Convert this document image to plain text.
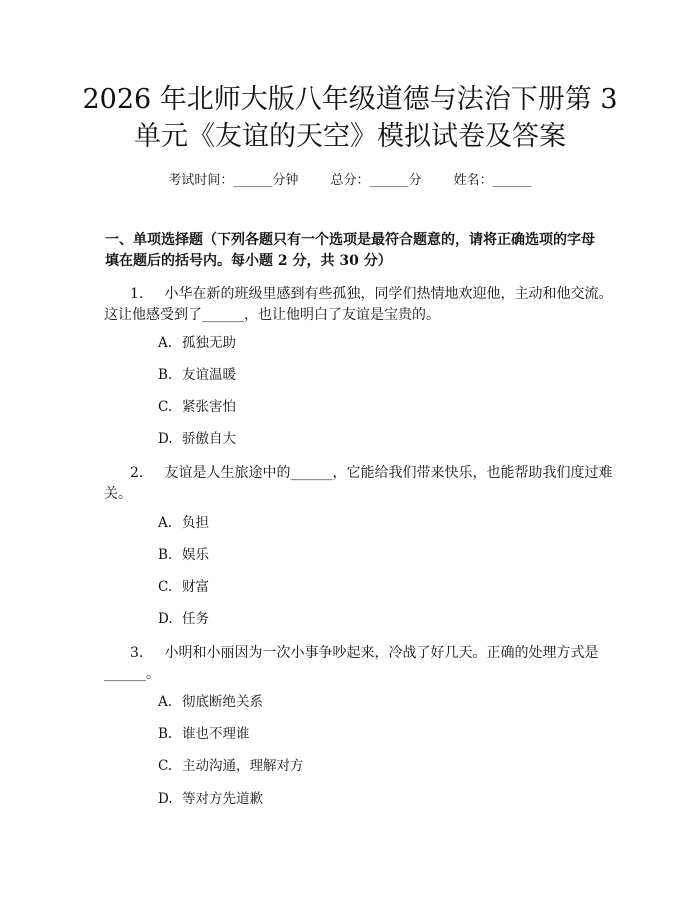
2026 年北师大版八年级道德与法治下册第 3
单元《友谊的天空》模拟试卷及答案
考试时间：______分钟 总分：______分 姓名：______
一、单项选择题（下列各题只有一个选项是最符合题意的，请将正确选项的字母
填在题后的括号内。每小题 2 分，共 30 分）
1. 小华在新的班级里感到有些孤独，同学们热情地欢迎他，主动和他交流。
这让他感受到了______，也让他明白了友谊是宝贵的。
A. 孤独无助
B. 友谊温暖
C. 紧张害怕
D. 骄傲自大
2. 友谊是人生旅途中的______，它能给我们带来快乐，也能帮助我们度过难
关。
A. 负担
B. 娱乐
C. 财富
D. 任务
3. 小明和小丽因为一次小事争吵起来，冷战了好几天。正确的处理方式是
______。
A. 彻底断绝关系
B. 谁也不理谁
C. 主动沟通，理解对方
D. 等对方先道歉
